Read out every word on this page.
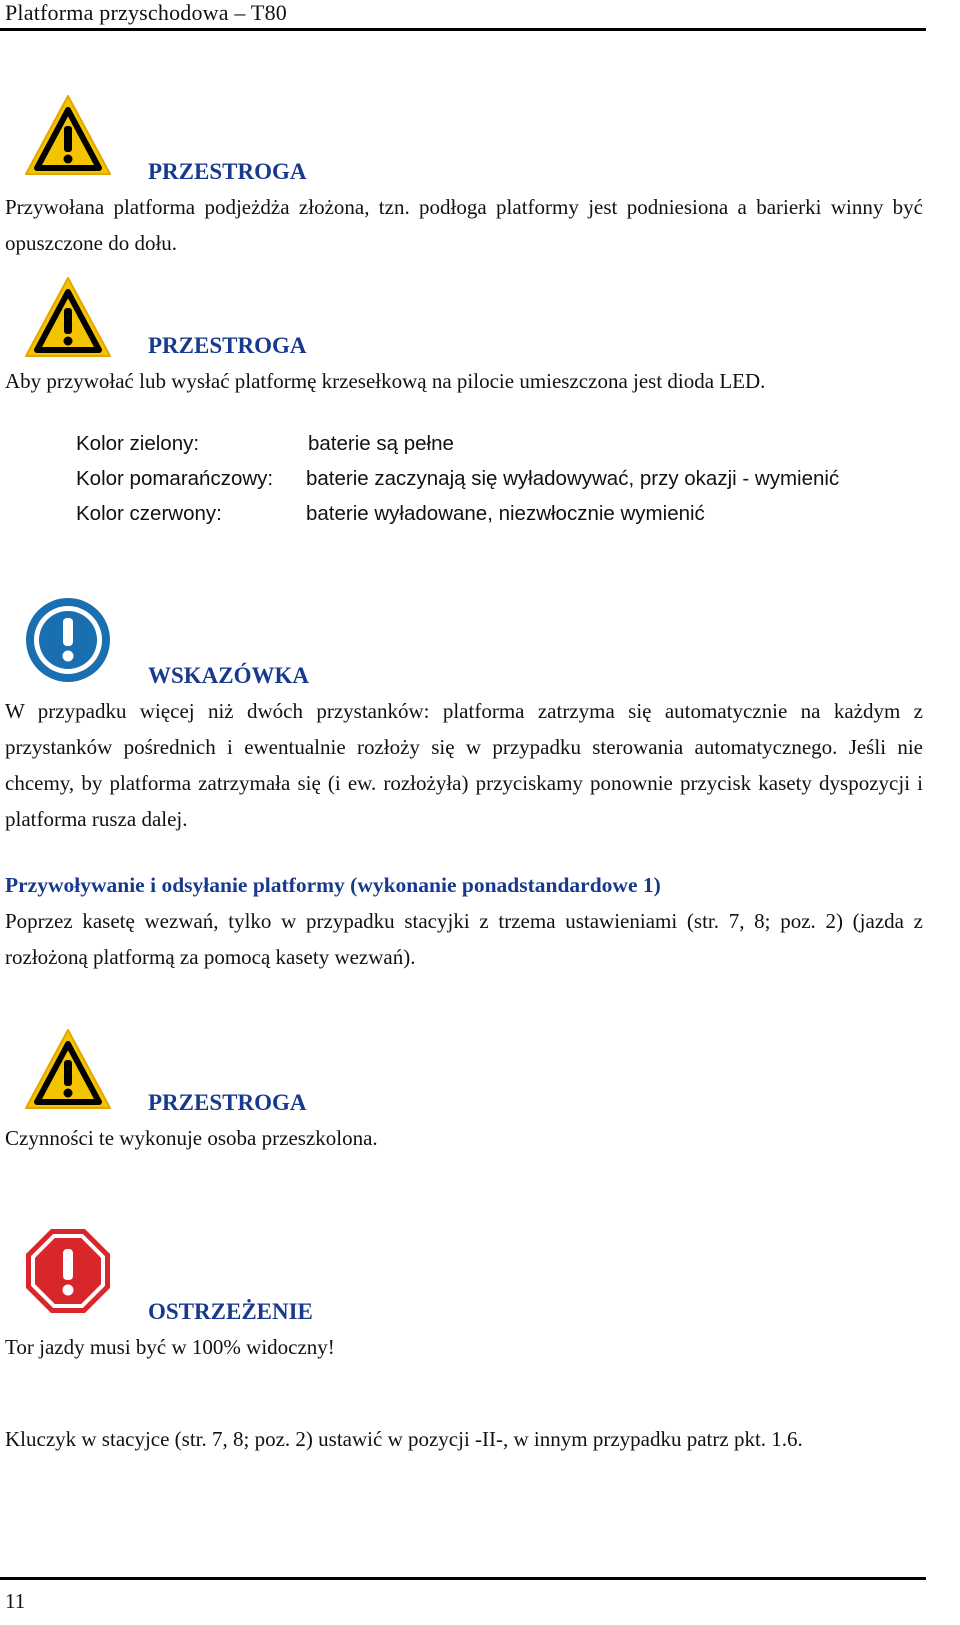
Platforma przyschodowa – T80
PRZESTROGA
Przywołana platforma podjeżdża złożona, tzn. podłoga platformy jest podniesiona a barierki winny być opuszczone do dołu.
PRZESTROGA
Aby przywołać lub wysłać platformę krzesełkową na pilocie umieszczona jest dioda LED.
Kolor zielony:	baterie są pełne
Kolor pomarańczowy: baterie zaczynają się wyładowywać, przy okazji - wymienić
Kolor czerwony:	baterie wyładowane, niezwłocznie wymienić
WSKAZÓWKA
W przypadku więcej niż dwóch przystanków: platforma zatrzyma się automatycznie na każdym z przystanków pośrednich i ewentualnie rozłoży się w przypadku sterowania automatycznego. Jeśli nie chcemy, by platforma zatrzymała się (i ew. rozłożyła) przyciskamy ponownie przycisk kasety dyspozycji i platforma rusza dalej.
Przywoływanie i odsyłanie platformy (wykonanie ponadstandardowe 1)
Poprzez kasetę wezwań, tylko w przypadku stacyjki z trzema ustawieniami (str. 7, 8; poz. 2) (jazda z rozłożoną platformą za pomocą kasety wezwań).
PRZESTROGA
Czynności te wykonuje osoba przeszkolona.
OSTRZEŻENIE
Tor jazdy musi być w 100% widoczny!
Kluczyk w stacyjce (str. 7, 8; poz. 2) ustawić w pozycji -II-, w innym przypadku patrz pkt. 1.6.
11
